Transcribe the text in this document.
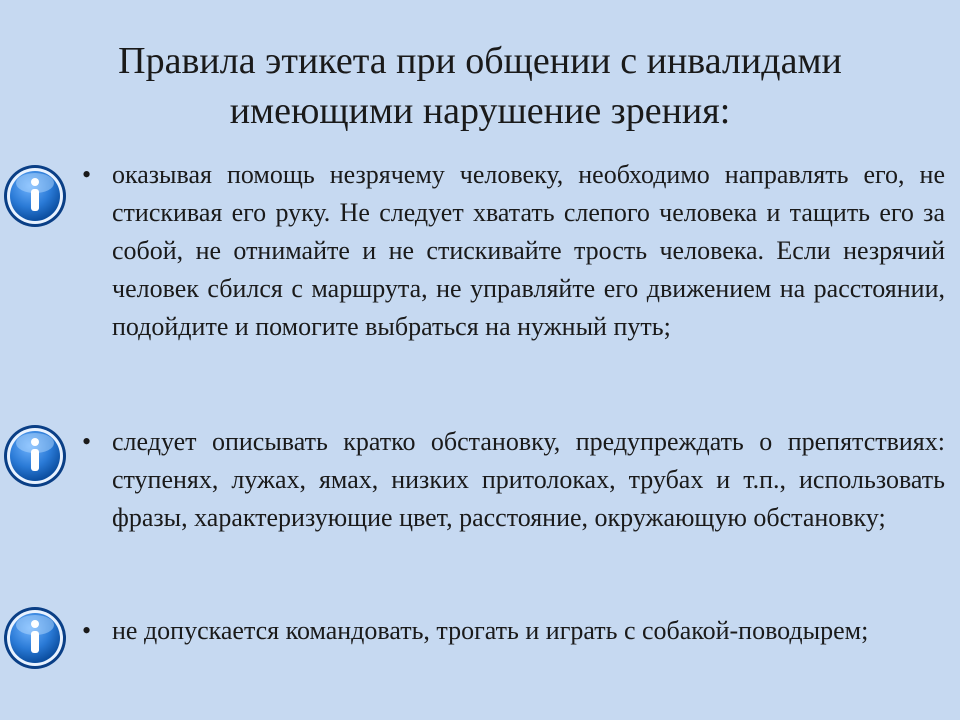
Правила этикета при общении с инвалидами
имеющими нарушение зрения:
• оказывая помощь незрячему человеку, необходимо направлять его, не стискивая его руку. Не следует хватать слепого человека и тащить его за собой, не отнимайте и не стискивайте трость человека. Если незрячий человек сбился с маршрута, не управляйте его движением на расстоянии, подойдите и помогите выбраться на нужный путь;
• следует описывать кратко обстановку, предупреждать о препятствиях: ступенях, лужах, ямах, низких притолоках, трубах и т.п., использовать фразы, характеризующие цвет, расстояние, окружающую обстановку;
• не допускается командовать, трогать и играть с собакой-поводырем;
